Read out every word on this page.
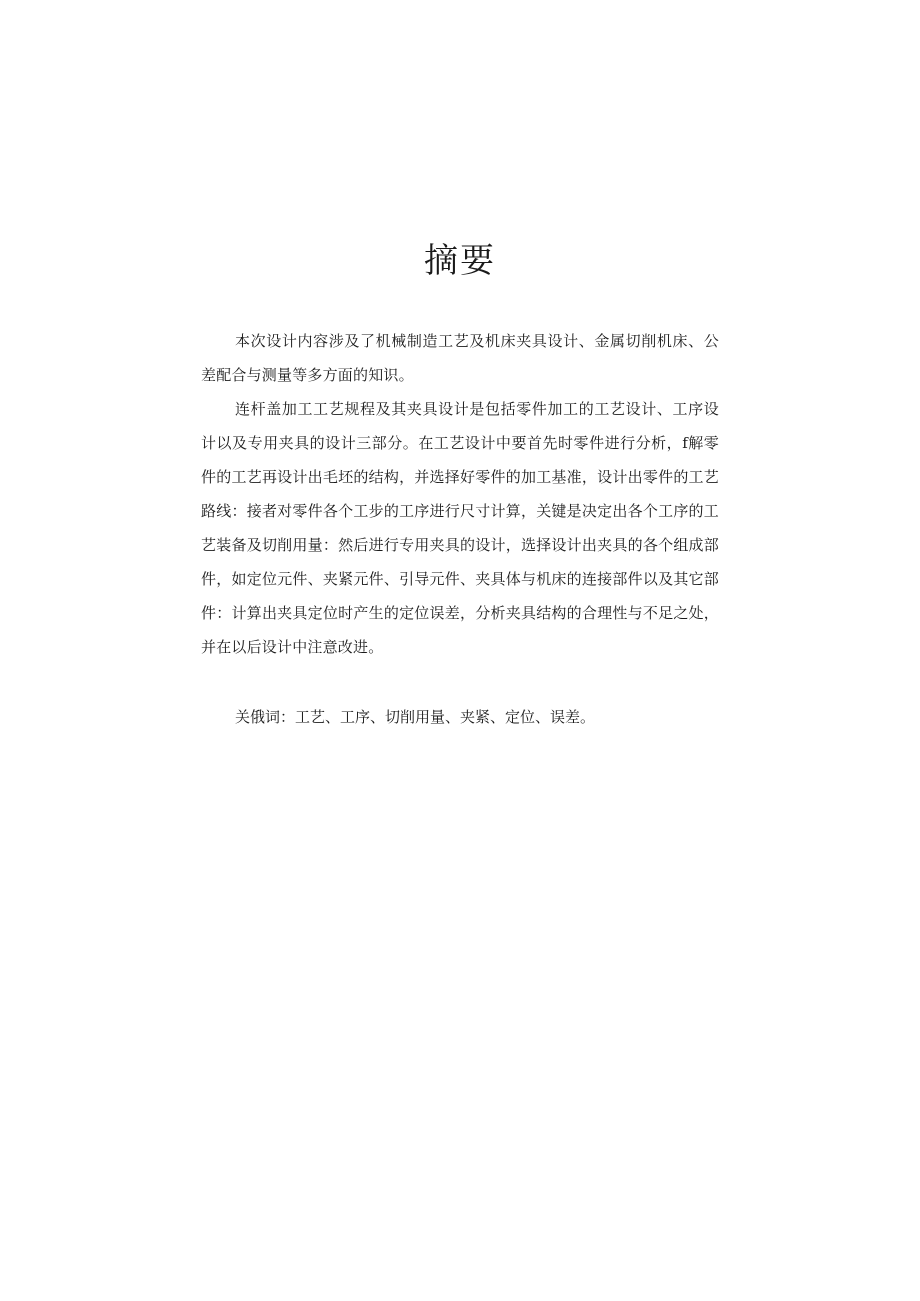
摘要

本次设计内容涉及了机械制造工艺及机床夹具设计、金属切削机床、公差配合与测量等多方面的知识。

连杆盖加工工艺规程及其夹具设计是包括零件加工的工艺设计、工序设计以及专用夹具的设计三部分。在工艺设计中要首先时零件进行分析，f解零件的工艺再设计出毛坯的结构，并选择好零件的加工基准，设计出零件的工艺路线：接者对零件各个工步的工序进行尺寸计算，关键是决定出各个工序的工艺装备及切削用量：然后进行专用夹具的设计，选择设计出夹具的各个组成部件，如定位元件、夹紧元件、引导元件、夹具体与机床的连接部件以及其它部件：计算出夹具定位时产生的定位误差，分析夹具结构的合理性与不足之处，并在以后设计中注意改进。

关俄词：工艺、工序、切削用量、夹紧、定位、误差。
